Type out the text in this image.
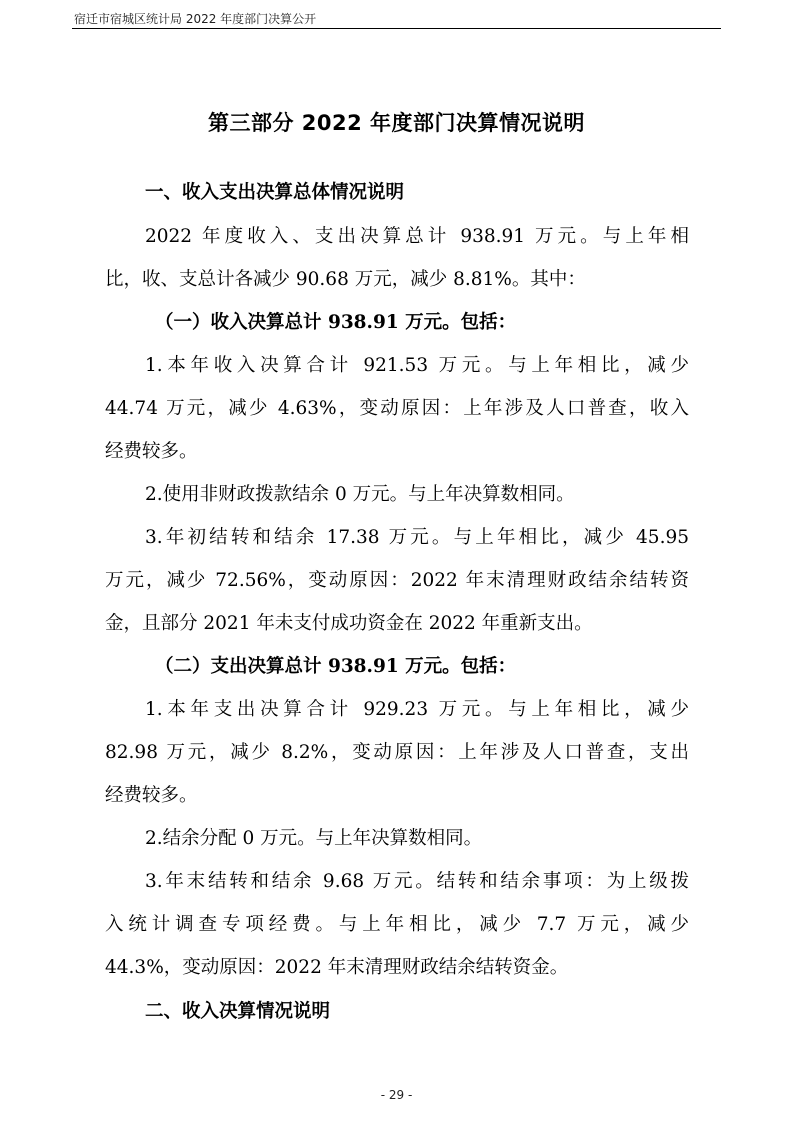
宿迁市宿城区统计局 2022 年度部门决算公开
第三部分 2022 年度部门决算情况说明
一、收入支出决算总体情况说明
2022 年度收入、支出决算总计 938.91 万元。与上年相
比，收、支总计各减少 90.68 万元，减少 8.81%。其中：
（一）收入决算总计 938.91 万元。包括：
1.本年收入决算合计 921.53 万元。与上年相比，减少
44.74 万元，减少 4.63%，变动原因：上年涉及人口普查，收入
经费较多。
2.使用非财政拨款结余 0 万元。与上年决算数相同。
3.年初结转和结余 17.38 万元。与上年相比，减少 45.95
万元，减少 72.56%，变动原因：2022 年末清理财政结余结转资
金，且部分 2021 年未支付成功资金在 2022 年重新支出。
（二）支出决算总计 938.91 万元。包括：
1.本年支出决算合计 929.23 万元。与上年相比，减少
82.98 万元，减少 8.2%，变动原因：上年涉及人口普查，支出
经费较多。
2.结余分配 0 万元。与上年决算数相同。
3.年末结转和结余 9.68 万元。结转和结余事项：为上级拨
入统计调查专项经费。与上年相比，减少 7.7 万元，减少
44.3%，变动原因：2022 年末清理财政结余结转资金。
二、收入决算情况说明
- 29 -
